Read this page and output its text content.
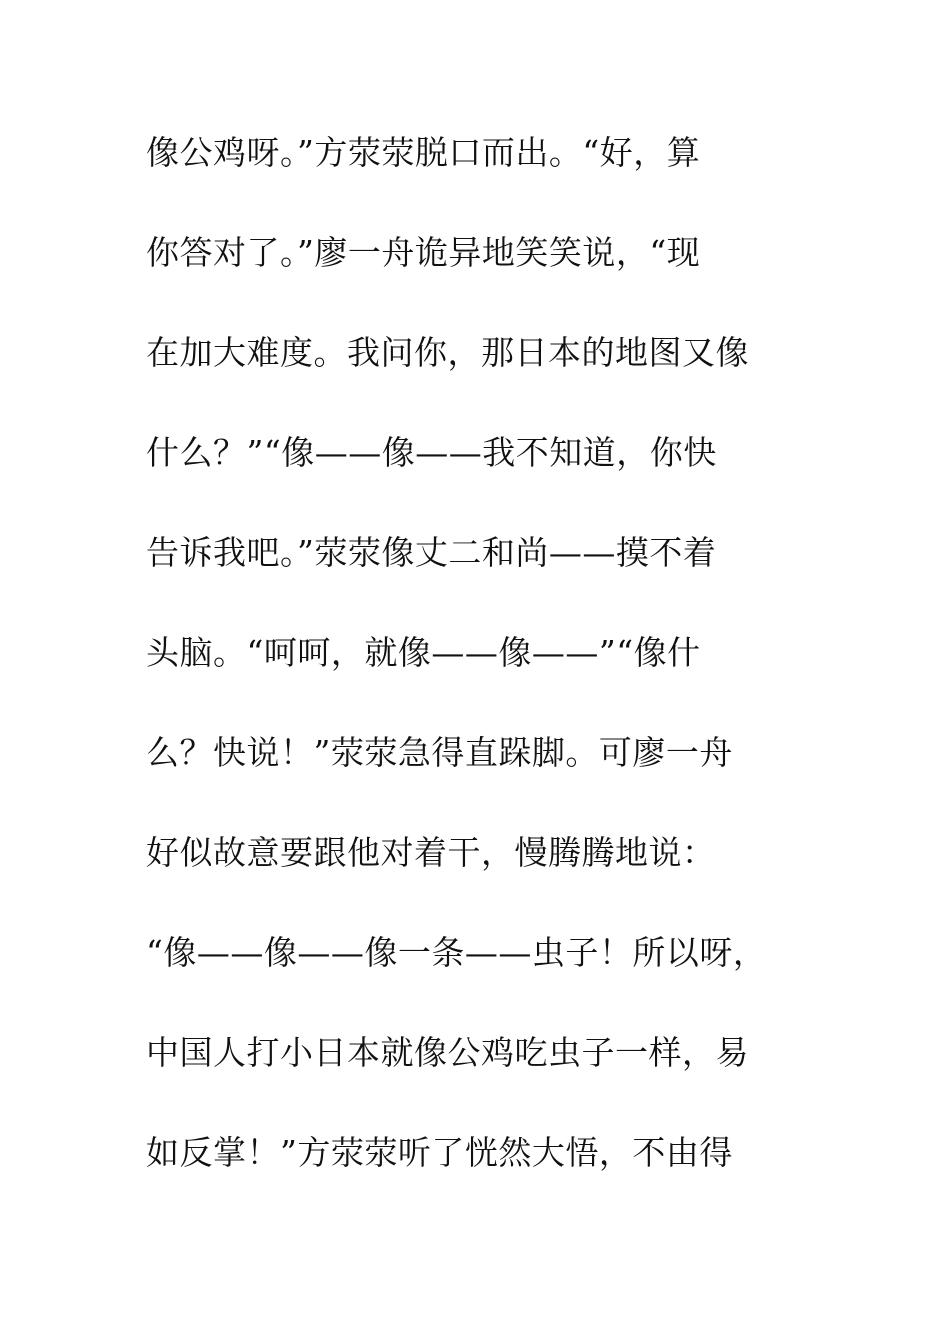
像公鸡呀。”方荥荥脱口而出。“好，算
你答对了。”廖一舟诡异地笑笑说，“现
在加大难度。我问你，那日本的地图又像
什么？”“像——像——我不知道，你快
告诉我吧。”荥荥像丈二和尚——摸不着
头脑。“呵呵，就像——像——”“像什
么？快说！”荥荥急得直跺脚。可廖一舟
好似故意要跟他对着干，慢腾腾地说：
“像——像——像一条——虫子！所以呀，
中国人打小日本就像公鸡吃虫子一样，易
如反掌！”方荥荥听了恍然大悟，不由得
